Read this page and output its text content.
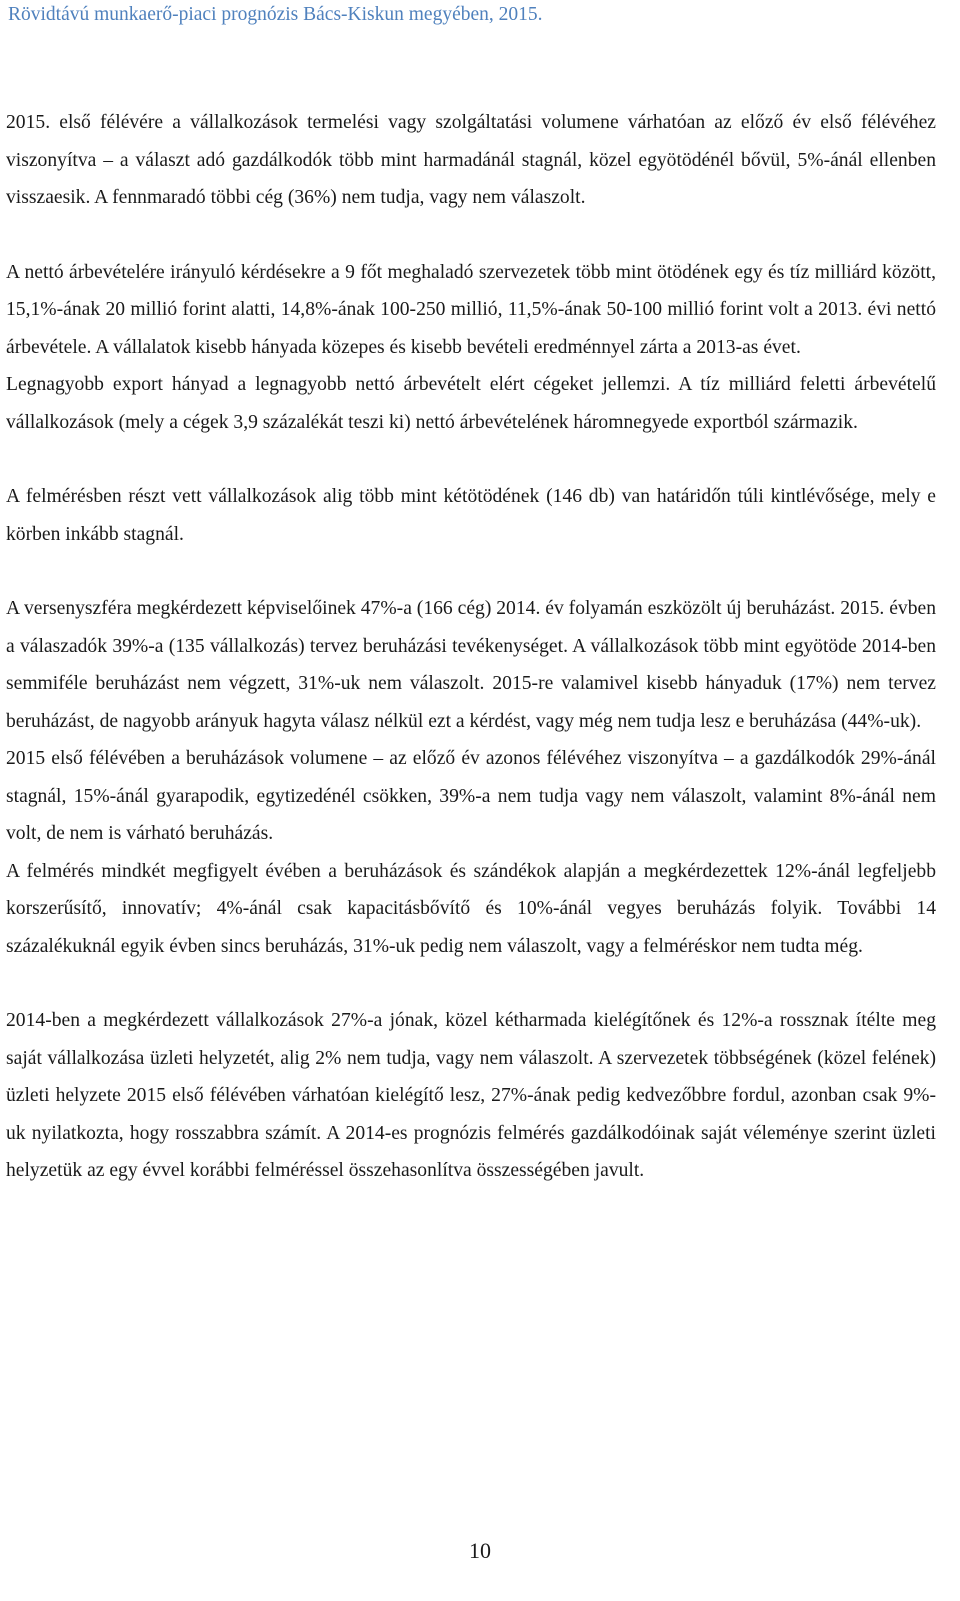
Rövidtávú munkaerő-piaci prognózis Bács-Kiskun megyében, 2015.

2015. első félévére a vállalkozások termelési vagy szolgáltatási volumene várhatóan az előző év első félévéhez viszonyítva – a választ adó gazdálkodók több mint harmadánál stagnál, közel egyötödénél bővül, 5%-ánál ellenben visszaesik. A fennmaradó többi cég (36%) nem tudja, vagy nem válaszolt.

A nettó árbevételére irányuló kérdésekre a 9 főt meghaladó szervezetek több mint ötödének egy és tíz milliárd között, 15,1%-ának 20 millió forint alatti, 14,8%-ának 100-250 millió, 11,5%-ának 50-100 millió forint volt a 2013. évi nettó árbevétele. A vállalatok kisebb hányada közepes és kisebb bevételi eredménnyel zárta a 2013-as évet.

Legnagyobb export hányad a legnagyobb nettó árbevételt elért cégeket jellemzi. A tíz milliárd feletti árbevételű vállalkozások (mely a cégek 3,9 százalékát teszi ki) nettó árbevételének háromnegyede exportból származik.

A felmérésben részt vett vállalkozások alig több mint kétötödének (146 db) van határidőn túli kintlévősége, mely e körben inkább stagnál.

A versenyszféra megkérdezett képviselőinek 47%-a (166 cég) 2014. év folyamán eszközölt új beruházást. 2015. évben a válaszadók 39%-a (135 vállalkozás) tervez beruházási tevékenységet. A vállalkozások több mint egyötöde 2014-ben semmiféle beruházást nem végzett, 31%-uk nem válaszolt. 2015-re valamivel kisebb hányaduk (17%) nem tervez beruházást, de nagyobb arányuk hagyta válasz nélkül ezt a kérdést, vagy még nem tudja lesz e beruházása (44%-uk).

2015 első félévében a beruházások volumene – az előző év azonos félévéhez viszonyítva – a gazdálkodók 29%-ánál stagnál, 15%-ánál gyarapodik, egytizedénél csökken, 39%-a nem tudja vagy nem válaszolt, valamint 8%-ánál nem volt, de nem is várható beruházás.

A felmérés mindkét megfigyelt évében a beruházások és szándékok alapján a megkérdezettek 12%-ánál legfeljebb korszerűsítő, innovatív; 4%-ánál csak kapacitásbővítő és 10%-ánál vegyes beruházás folyik. További 14 százalékuknál egyik évben sincs beruházás, 31%-uk pedig nem válaszolt, vagy a felméréskor nem tudta még.

2014-ben a megkérdezett vállalkozások 27%-a jónak, közel kétharmada kielégítőnek és 12%-a rossznak ítélte meg saját vállalkozása üzleti helyzetét, alig 2% nem tudja, vagy nem válaszolt. A szervezetek többségének (közel felének) üzleti helyzete 2015 első félévében várhatóan kielégítő lesz, 27%-ának pedig kedvezőbbre fordul, azonban csak 9%-uk nyilatkozta, hogy rosszabbra számít. A 2014-es prognózis felmérés gazdálkodóinak saját véleménye szerint üzleti helyzetük az egy évvel korábbi felméréssel összehasonlítva összességében javult.

10
